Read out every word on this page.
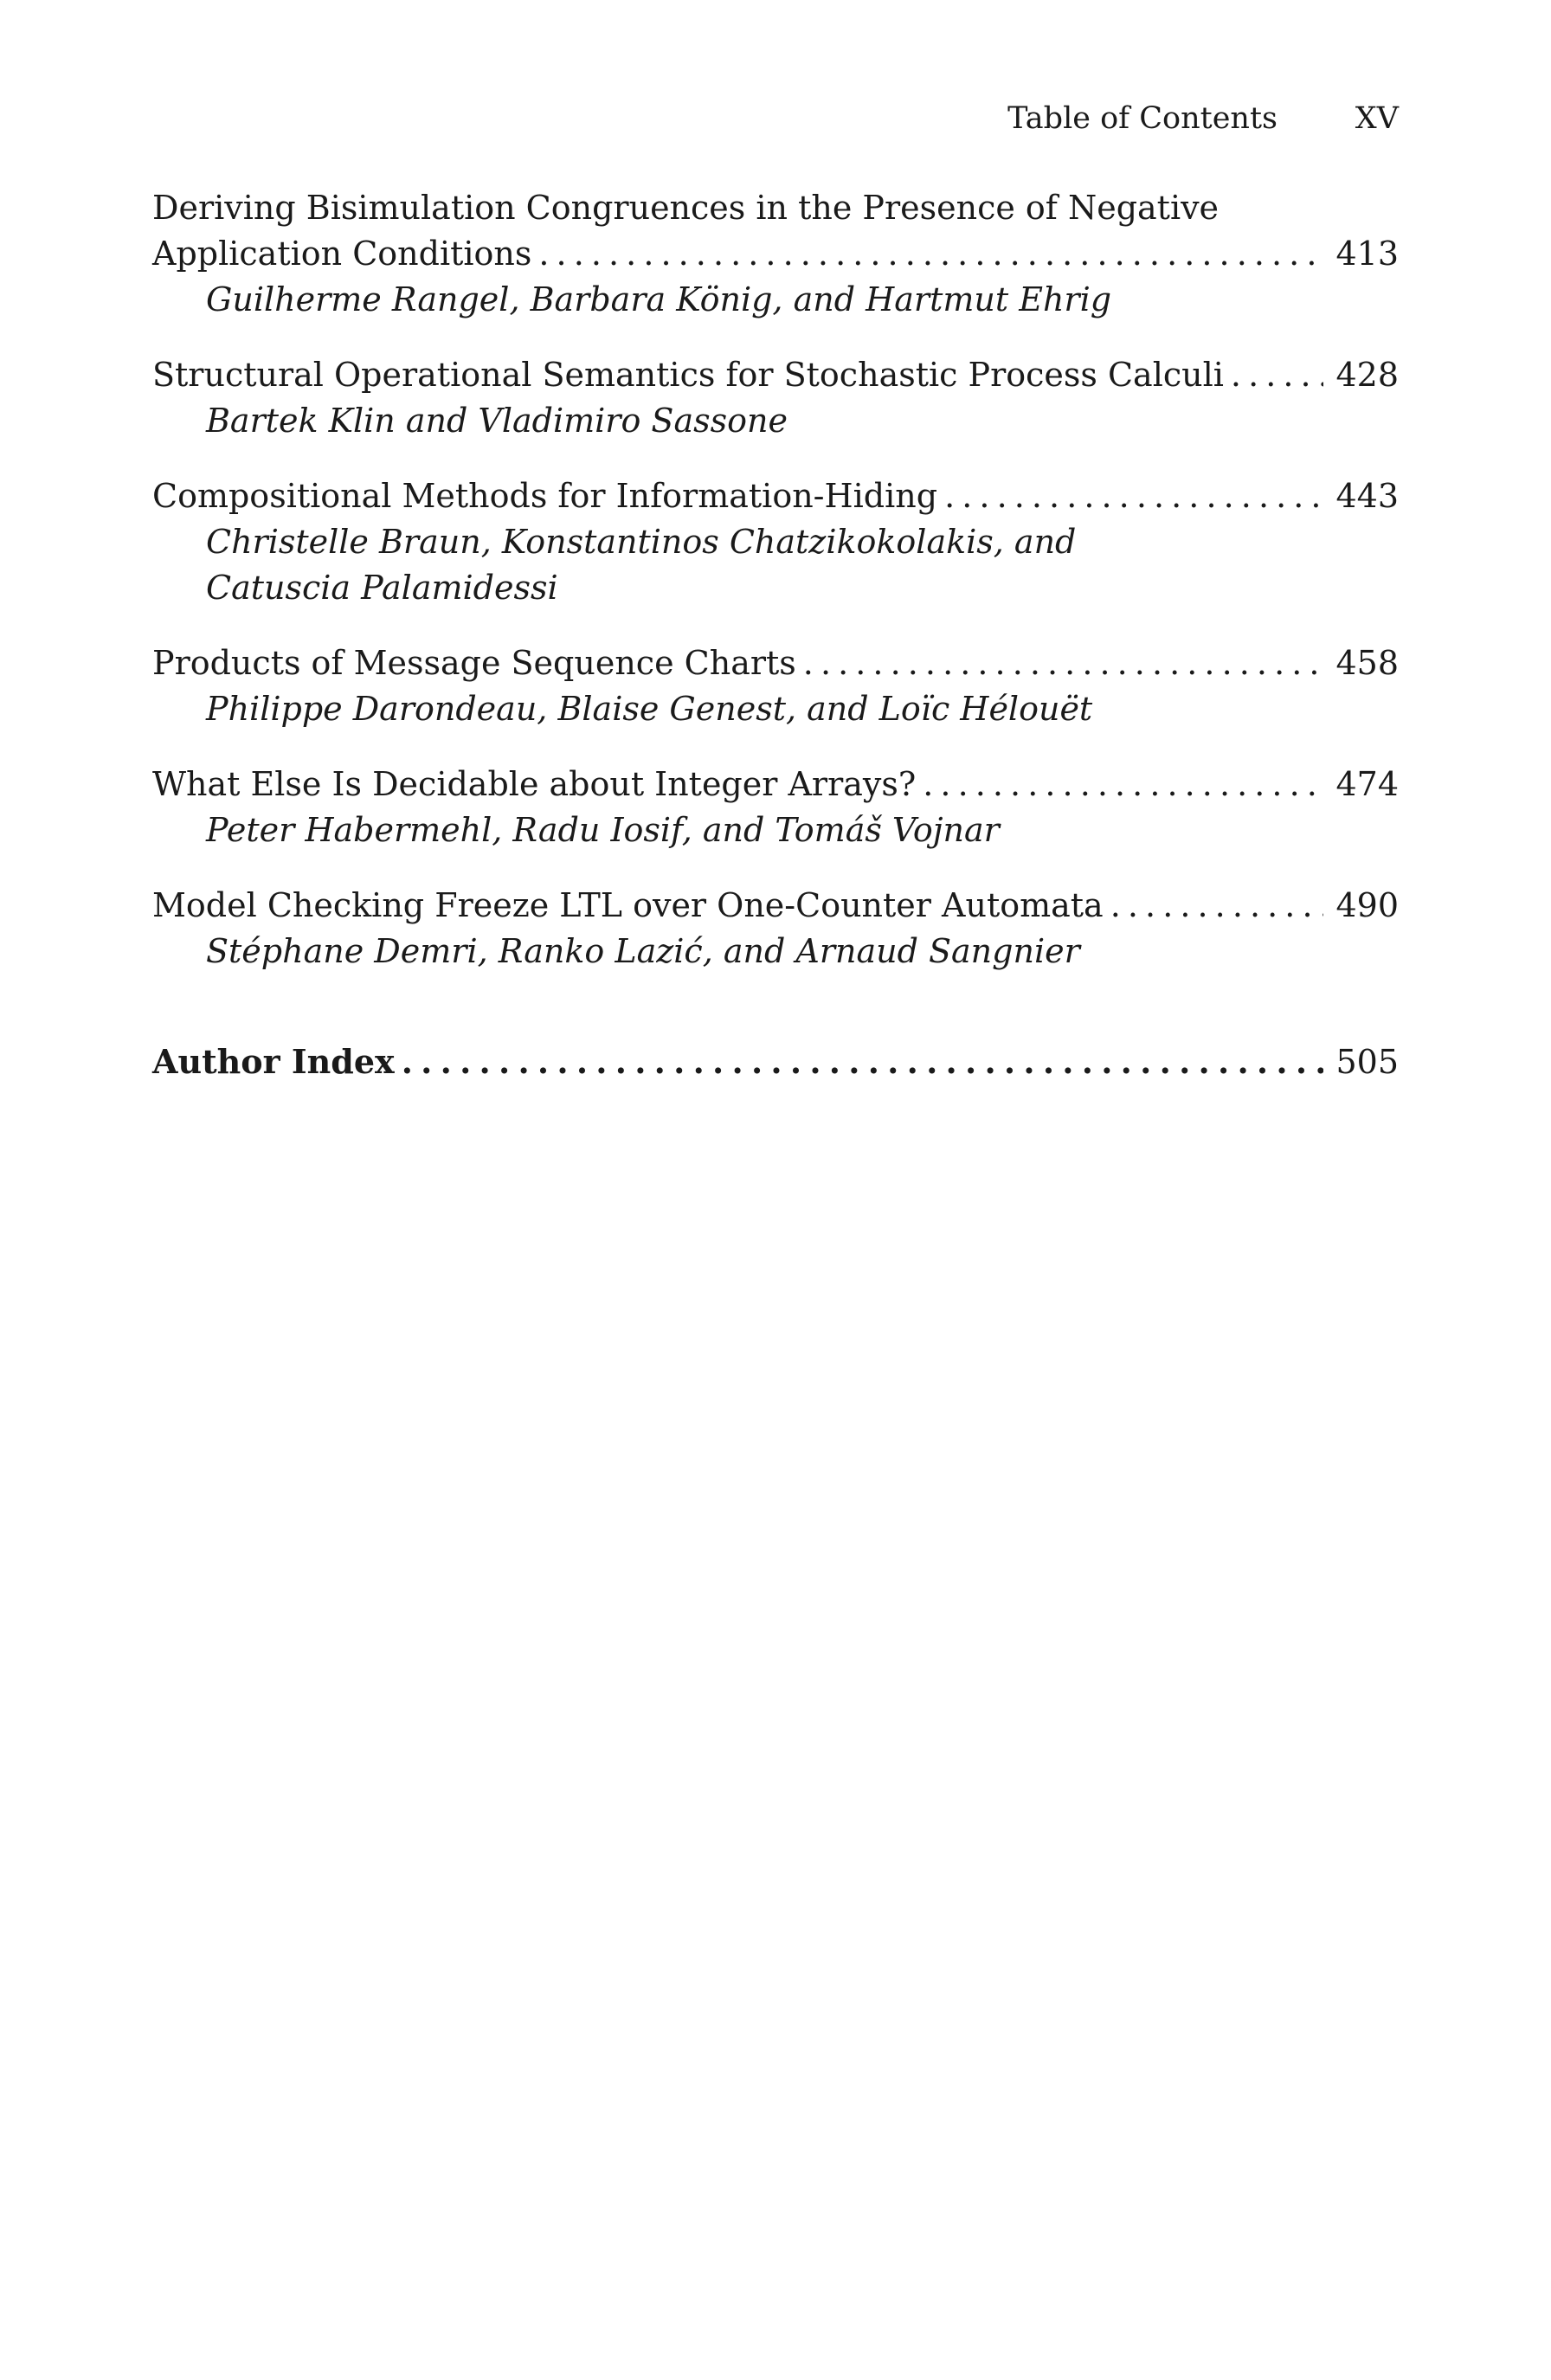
Table of Contents	XV
Deriving Bisimulation Congruences in the Presence of Negative
Application Conditions . . .	413
Guilherme Rangel, Barbara König, and Hartmut Ehrig
Structural Operational Semantics for Stochastic Process Calculi . . .	428
Bartek Klin and Vladimiro Sassone
Compositional Methods for Information-Hiding . . .	443
Christelle Braun, Konstantinos Chatzikokolakis, and
Catuscia Palamidessi
Products of Message Sequence Charts . . .	458
Philippe Darondeau, Blaise Genest, and Loïc Hélouët
What Else Is Decidable about Integer Arrays? . . .	474
Peter Habermehl, Radu Iosif, and Tomáš Vojnar
Model Checking Freeze LTL over One-Counter Automata . . .	490
Stéphane Demri, Ranko Lazić, and Arnaud Sangnier
Author Index . . .	505
